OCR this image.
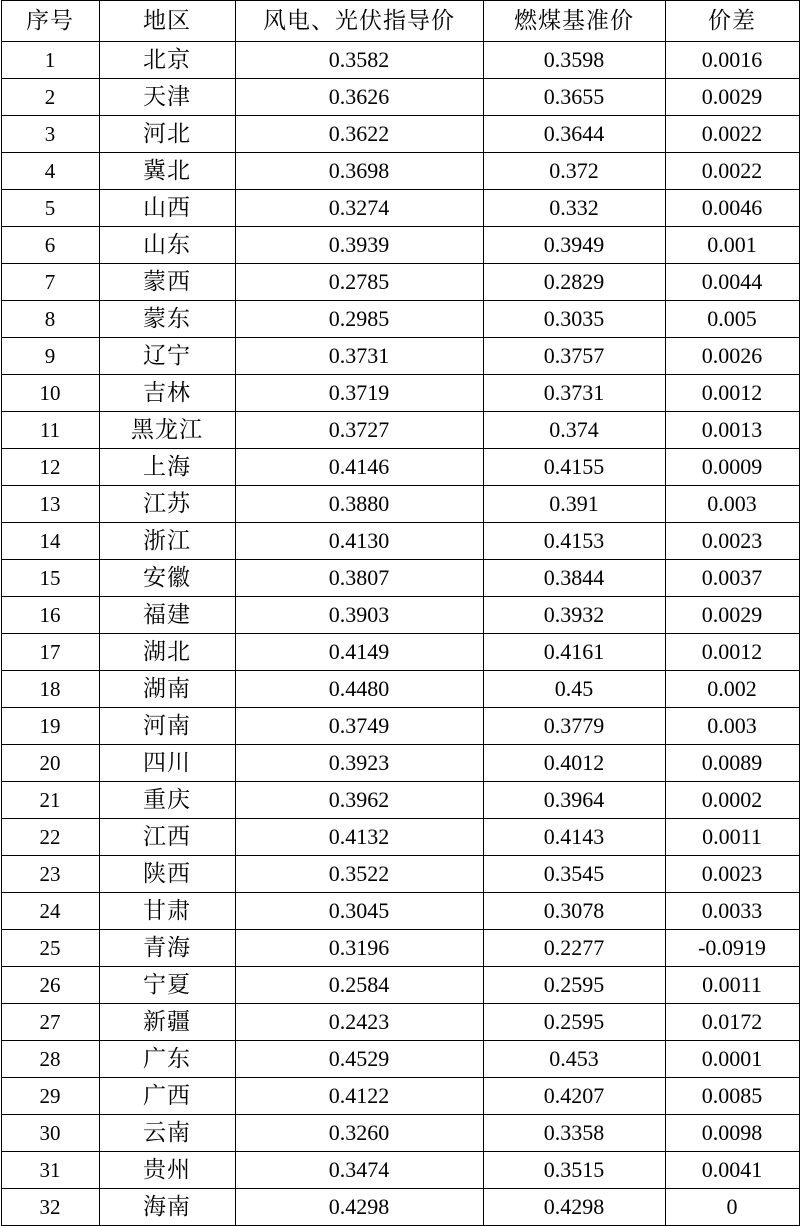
序号	地区	风电、光伏指导价	燃煤基准价	价差
1	北京	0.3582	0.3598	0.0016
2	天津	0.3626	0.3655	0.0029
3	河北	0.3622	0.3644	0.0022
4	冀北	0.3698	0.372	0.0022
5	山西	0.3274	0.332	0.0046
6	山东	0.3939	0.3949	0.001
7	蒙西	0.2785	0.2829	0.0044
8	蒙东	0.2985	0.3035	0.005
9	辽宁	0.3731	0.3757	0.0026
10	吉林	0.3719	0.3731	0.0012
11	黑龙江	0.3727	0.374	0.0013
12	上海	0.4146	0.4155	0.0009
13	江苏	0.3880	0.391	0.003
14	浙江	0.4130	0.4153	0.0023
15	安徽	0.3807	0.3844	0.0037
16	福建	0.3903	0.3932	0.0029
17	湖北	0.4149	0.4161	0.0012
18	湖南	0.4480	0.45	0.002
19	河南	0.3749	0.3779	0.003
20	四川	0.3923	0.4012	0.0089
21	重庆	0.3962	0.3964	0.0002
22	江西	0.4132	0.4143	0.0011
23	陕西	0.3522	0.3545	0.0023
24	甘肃	0.3045	0.3078	0.0033
25	青海	0.3196	0.2277	-0.0919
26	宁夏	0.2584	0.2595	0.0011
27	新疆	0.2423	0.2595	0.0172
28	广东	0.4529	0.453	0.0001
29	广西	0.4122	0.4207	0.0085
30	云南	0.3260	0.3358	0.0098
31	贵州	0.3474	0.3515	0.0041
32	海南	0.4298	0.4298	0
